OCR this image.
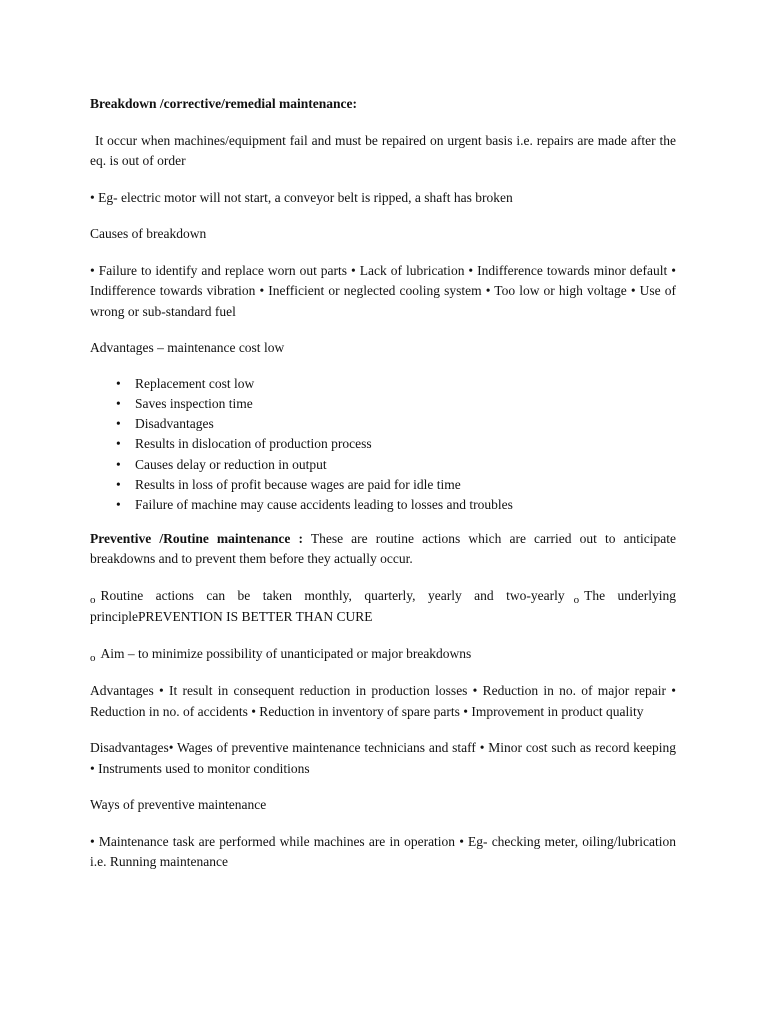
Breakdown /corrective/remedial maintenance:

It occur when machines/equipment fail and must be repaired on urgent basis i.e. repairs are made after the eq. is out of order

• Eg- electric motor will not start, a conveyor belt is ripped, a shaft has broken

Causes of breakdown

• Failure to identify and replace worn out parts • Lack of lubrication • Indifference towards minor default • Indifference towards vibration • Inefficient or neglected cooling system • Too low or high voltage • Use of wrong or sub-standard fuel

Advantages – maintenance cost low

• Replacement cost low
• Saves inspection time
• Disadvantages
• Results in dislocation of production process
• Causes delay or reduction in output
• Results in loss of profit because wages are paid for idle time
• Failure of machine may cause accidents leading to losses and troubles

Preventive /Routine maintenance : These are routine actions which are carried out to anticipate breakdowns and to prevent them before they actually occur.

$_o$ Routine actions can be taken monthly, quarterly, yearly and two-yearly $_o$ The underlying principlePREVENTION IS BETTER THAN CURE

$_o$ Aim – to minimize possibility of unanticipated or major breakdowns

Advantages • It result in consequent reduction in production losses • Reduction in no. of major repair • Reduction in no. of accidents • Reduction in inventory of spare parts • Improvement in product quality

Disadvantages• Wages of preventive maintenance technicians and staff • Minor cost such as record keeping • Instruments used to monitor conditions

Ways of preventive maintenance

• Maintenance task are performed while machines are in operation • Eg- checking meter, oiling/lubrication i.e. Running maintenance
